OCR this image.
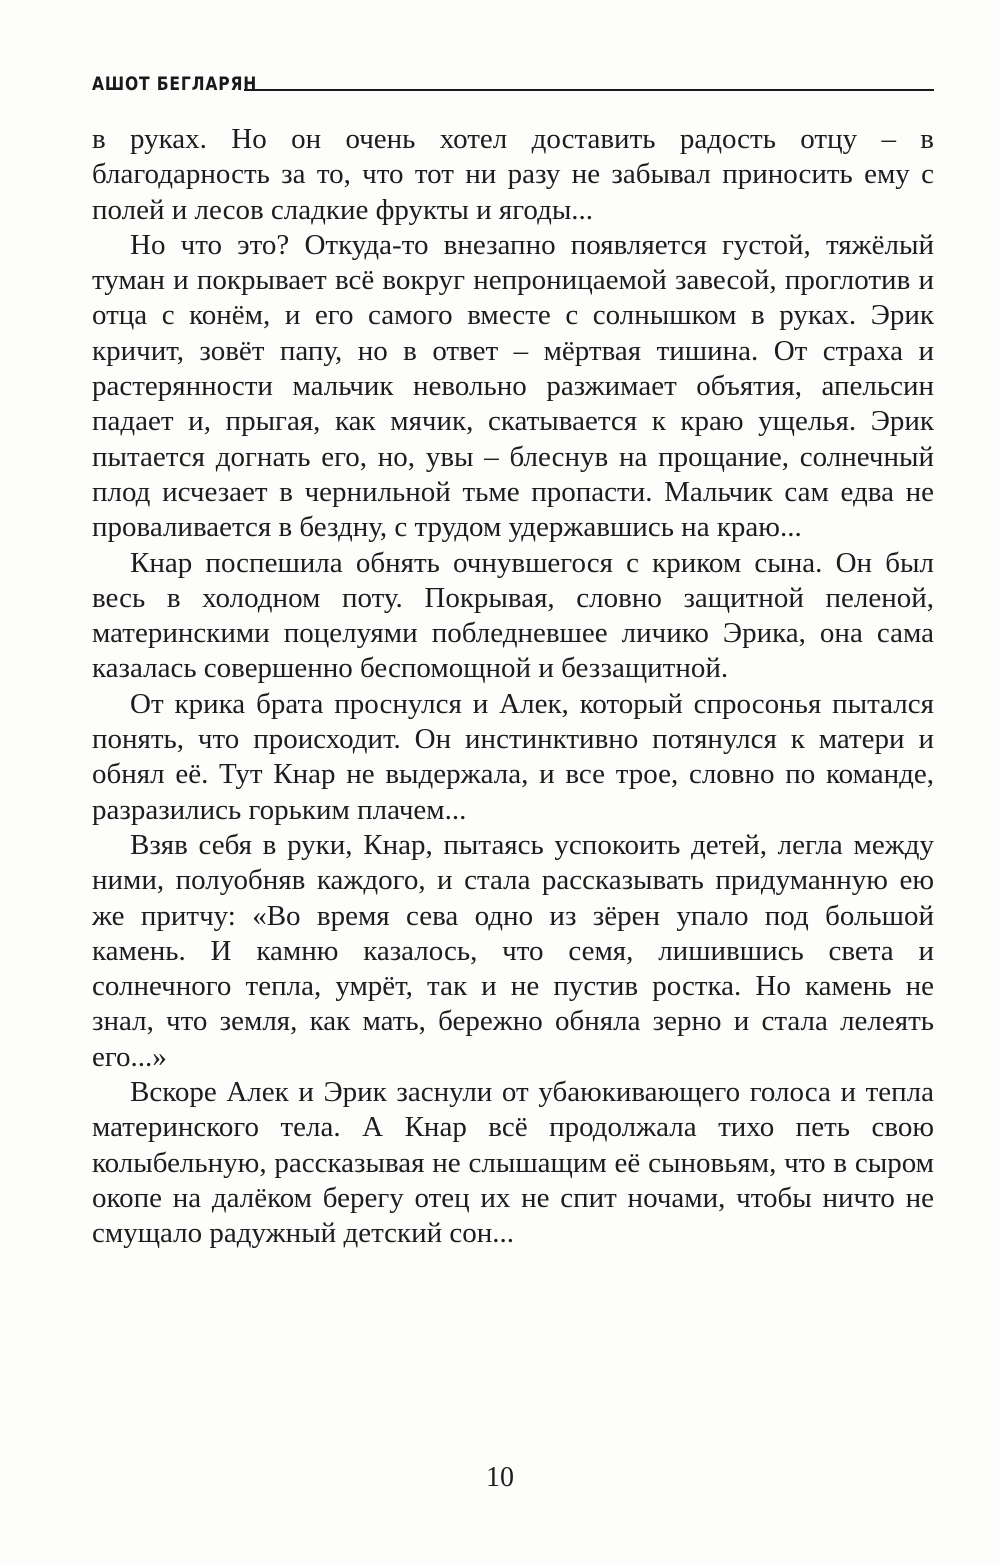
АШОТ БЕГЛАРЯН

в руках. Но он очень хотел доставить радость отцу – в благодарность за то, что тот ни разу не забывал приносить ему с полей и лесов сладкие фрукты и ягоды...

Но что это? Откуда-то внезапно появляется густой, тяжёлый туман и покрывает всё вокруг непроницаемой завесой, проглотив и отца с конём, и его самого вместе с солнышком в руках. Эрик кричит, зовёт папу, но в ответ – мёртвая тишина. От страха и растерянности мальчик невольно разжимает объятия, апельсин падает и, прыгая, как мячик, скатывается к краю ущелья. Эрик пытается догнать его, но, увы – блеснув на прощание, солнечный плод исчезает в чернильной тьме пропасти. Мальчик сам едва не проваливается в бездну, с трудом удержавшись на краю...

Кнар поспешила обнять очнувшегося с криком сына. Он был весь в холодном поту. Покрывая, словно защитной пеленой, материнскими поцелуями побледневшее личико Эрика, она сама казалась совершенно беспомощной и беззащитной.

От крика брата проснулся и Алек, который спросонья пытался понять, что происходит. Он инстинктивно потянулся к матери и обнял её. Тут Кнар не выдержала, и все трое, словно по команде, разразились горьким плачем...

Взяв себя в руки, Кнар, пытаясь успокоить детей, легла между ними, полуобняв каждого, и стала рассказывать придуманную ею же притчу: «Во время сева одно из зёрен упало под большой камень. И камню казалось, что семя, лишившись света и солнечного тепла, умрёт, так и не пустив ростка. Но камень не знал, что земля, как мать, бережно обняла зерно и стала лелеять его...»

Вскоре Алек и Эрик заснули от убаюкивающего голоса и тепла материнского тела. А Кнар всё продолжала тихо петь свою колыбельную, рассказывая не слышащим её сыновьям, что в сыром окопе на далёком берегу отец их не спит ночами, чтобы ничто не смущало радужный детский сон...

10
